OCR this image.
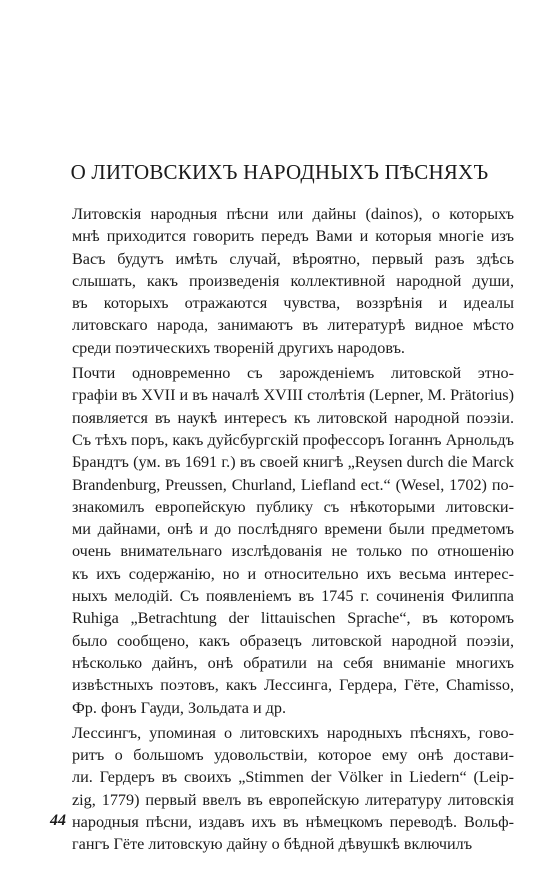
О ЛИТОВСКИХЪ НАРОДНЫХЪ ПѢСНЯХЪ
Литовскія народныя пѣсни или дайны (dainos), о которыхъ
мнѣ приходится говорить передъ Вами и которыя многіе изъ
Васъ будутъ имѣть случай, вѣроятно, первый разъ здѣсь
слышать, какъ произведенія коллективной народной души,
въ которыхъ отражаются чувства, воззрѣнія и идеалы
литовскаго народа, занимаютъ въ литературѣ видное мѣсто
среди поэтическихъ твореній другихъ народовъ.
Почти одновременно съ зарожденіемъ литовской этно-
графіи въ XVII и въ началѣ XVIII столѣтія (Lepner, M. Prätorius)
появляется въ наукѣ интересъ къ литовской народной поэзіи.
Съ тѣхъ поръ, какъ дуйсбургскій профессоръ Іоганнъ Арнольдъ
Брандтъ (ум. въ 1691 г.) въ своей книгѣ „Reysen durch die Marck
Brandenburg, Preussen, Churland, Liefland ect.“ (Wesel, 1702) по-
знакомилъ европейскую публику съ нѣкоторыми литовски-
ми дайнами, онѣ и до послѣдняго времени были предметомъ
очень внимательнаго изслѣдованія не только по отношенію
къ ихъ содержанію, но и относительно ихъ весьма интерес-
ныхъ мелодій. Съ появленіемъ въ 1745 г. сочиненія Филиппа
Ruhiga „Betrachtung der littauischen Sprache“, въ которомъ
было сообщено, какъ образецъ литовской народной поэзіи,
нѣсколько дайнъ, онѣ обратили на себя вниманіе многихъ
извѣстныхъ поэтовъ, какъ Лессинга, Гердера, Гёте, Chamisso,
Фр. фонъ Гауди, Зольдата и др.
Лессингъ, упоминая о литовскихъ народныхъ пѣсняхъ, гово-
ритъ о большомъ удовольствіи, которое ему онѣ достави-
ли. Гердеръ въ своихъ „Stimmen der Völker in Liedern“ (Leip-
zig, 1779) первый ввелъ въ европейскую литературу литовскія
народныя пѣсни, издавъ ихъ въ нѣмецкомъ переводѣ. Вольф-
гангъ Гёте литовскую дайну о бѣдной дѣвушкѣ включилъ
44
